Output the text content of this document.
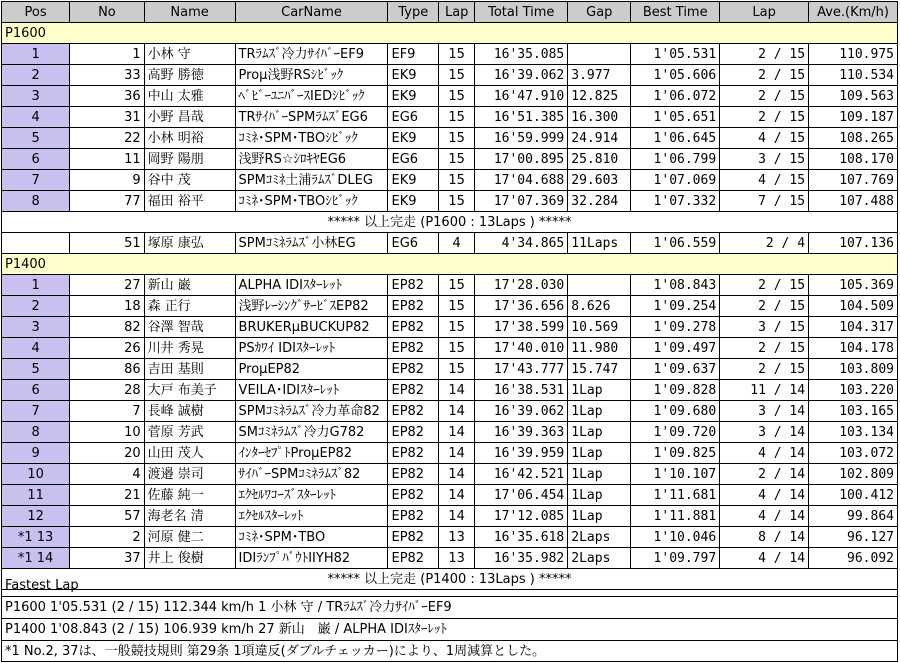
Pos	No	Name	CarName	Type	Lap	Total Time	Gap	Best Time	Lap	Ave.(Km/h)
P1600										
1	1	小林 守	TRﾗﾑｽﾞ冷力ｻｲﾊﾞｰEF9	EF9	15	16'35.085		1'05.531	2 / 15	110.975
2	33	高野 勝徳	Proμ浅野RSｼﾋﾞｯｸ	EK9	15	16'39.062	3.977	1'05.606	2 / 15	110.534
3	36	中山 太雅	ﾍﾞﾋﾞｰﾕﾆﾊﾞｰｽIEDｼﾋﾞｯｸ	EK9	15	16'47.910	12.825	1'06.072	2 / 15	109.563
4	31	小野 昌哉	TRｻｲﾊﾞｰSPMﾗﾑｽﾞEG6	EG6	15	16'51.385	16.300	1'05.651	2 / 15	109.187
5	22	小林 明裕	ｺﾐﾈ･SPM･TBOｼﾋﾞｯｸ	EK9	15	16'59.999	24.914	1'06.645	4 / 15	108.265
6	11	岡野 陽朋	浅野RS☆ｼﾛｷﾔEG6	EG6	15	17'00.895	25.810	1'06.799	3 / 15	108.170
7	9	谷中 茂	SPMｺﾐﾈ土浦ﾗﾑｽﾞDLEG	EK9	15	17'04.688	29.603	1'07.069	4 / 15	107.769
8	77	福田 裕平	ｺﾐﾈ･SPM･TBOｼﾋﾞｯｸ	EK9	15	17'07.369	32.284	1'07.332	7 / 15	107.488
***** 以上完走 (P1600 : 13Laps ) *****										
	51	塚原 康弘	SPMｺﾐﾈﾗﾑｽﾞ小林EG	EG6	4	4'34.865	11Laps	1'06.559	2 / 4	107.136
P1400										
1	27	新山 巌	ALPHA IDIｽﾀｰﾚｯﾄ	EP82	15	17'28.030		1'08.843	2 / 15	105.369
2	18	森 正行	浅野ﾚｰｼﾝｸﾞｻｰﾋﾞｽEP82	EP82	15	17'36.656	8.626	1'09.254	2 / 15	104.509
3	82	谷澤 智哉	BRUKERμBUCKUP82	EP82	15	17'38.599	10.569	1'09.278	3 / 15	104.317
4	26	川井 秀晃	PSｶﾜｲ IDIｽﾀｰﾚｯﾄ	EP82	15	17'40.010	11.980	1'09.497	2 / 15	104.178
5	86	吉田 基則	ProμEP82	EP82	15	17'43.777	15.747	1'09.637	2 / 15	103.809
6	28	大戸 布美子	VEILA･IDIｽﾀｰﾚｯﾄ	EP82	14	16'38.531	1Lap	1'09.828	11 / 14	103.220
7	7	長峰 誠樹	SPMｺﾐﾈﾗﾑｽﾞ冷力革命82	EP82	14	16'39.062	1Lap	1'09.680	3 / 14	103.165
8	10	菅原 芳武	SMｺﾐﾈﾗﾑｽﾞ冷力G782	EP82	14	16'39.363	1Lap	1'09.720	3 / 14	103.134
9	20	山田 茂人	ｲﾝﾀｰｾﾌﾟﾄProμEP82	EP82	14	16'39.959	1Lap	1'09.825	4 / 14	103.072
10	4	渡邉 崇司	ｻｲﾊﾞｰSPMｺﾐﾈﾗﾑｽﾞ82	EP82	14	16'42.521	1Lap	1'10.107	2 / 14	102.809
11	21	佐藤 純一	ｴｸｾﾙﾜｺｰｽﾞｽﾀｰﾚｯﾄ	EP82	14	17'06.454	1Lap	1'11.681	4 / 14	100.412
12	57	海老名 清	ｴｸｾﾙｽﾀｰﾚｯﾄ	EP82	14	17'12.085	1Lap	1'11.881	4 / 14	99.864
*1 13	2	河原 健二	ｺﾐﾈ･SPM･TBO	EP82	13	16'35.618	2Laps	1'10.046	8 / 14	96.127
*1 14	37	井上 俊樹	IDIﾗﾝﾌﾟﾊﾞｳﾄIIYH82	EP82	13	16'35.982	2Laps	1'09.797	4 / 14	96.092
***** 以上完走 (P1400 : 13Laps ) *****										
Fastest Lap
P1600 1'05.531 (2 / 15) 112.344 km/h 1 小林 守 / TRﾗﾑｽﾞ冷力ｻｲﾊﾞｰEF9
P1400 1'08.843 (2 / 15) 106.939 km/h 27 新山　巌 / ALPHA IDIｽﾀｰﾚｯﾄ
*1 No.2, 37は、一般競技規則 第29条 1項違反(ダブルチェッカー)により、1周減算とした。
